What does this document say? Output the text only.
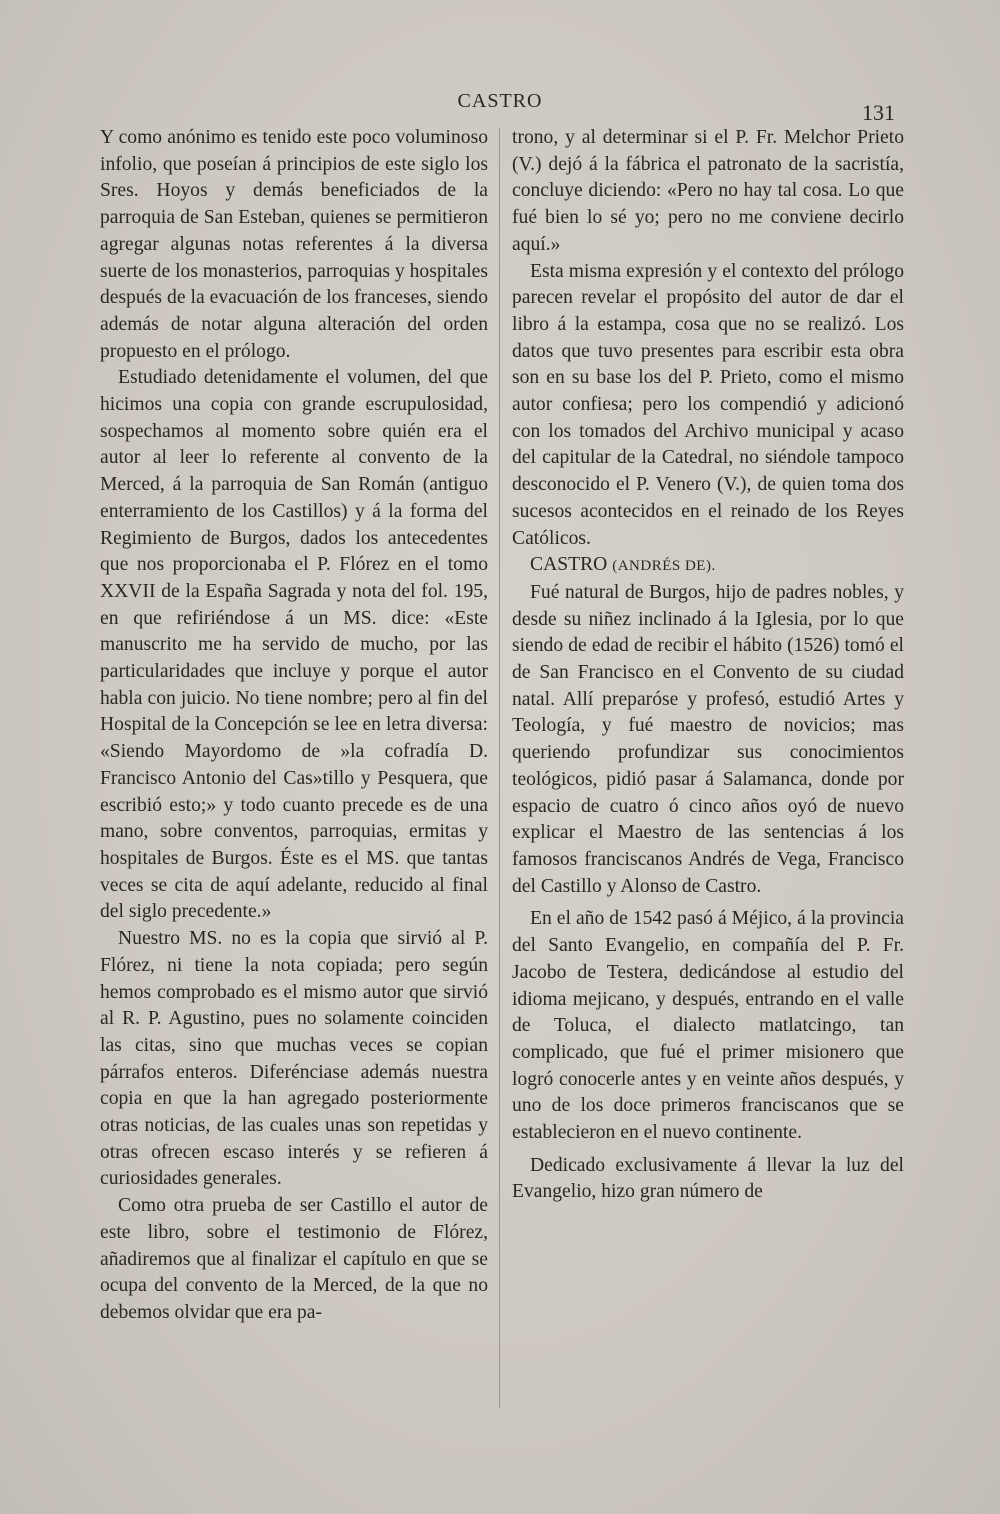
CASTRO	131

Y como anónimo es tenido este poco voluminoso infolio, que poseían á principios de este siglo los Sres. Hoyos y demás beneficiados de la parroquia de San Esteban, quienes se permitieron agregar algunas notas referentes á la diversa suerte de los monasterios, parroquias y hospitales después de la evacuación de los franceses, siendo además de notar alguna alteración del orden propuesto en el prólogo.

Estudiado detenidamente el volumen, del que hicimos una copia con grande escrupulosidad, sospechamos al momento sobre quién era el autor al leer lo referente al convento de la Merced, á la parroquia de San Román (antiguo enterramiento de los Castillos) y á la forma del Regimiento de Burgos, dados los antecedentes que nos proporcionaba el P. Flórez en el tomo XXVII de la España Sagrada y nota del fol. 195, en que refiriéndose á un MS. dice: «Este manuscrito me ha servido de mucho, por las particularidades que incluye y porque el autor habla con juicio. No tiene nombre; pero al fin del Hospital de la Concepción se lee en letra diversa: «Siendo Mayordomo de »la cofradía D. Francisco Antonio del Cas»tillo y Pesquera, que escribió esto;» y todo cuanto precede es de una mano, sobre conventos, parroquias, ermitas y hospitales de Burgos. Éste es el MS. que tantas veces se cita de aquí adelante, reducido al final del siglo precedente.»

Nuestro MS. no es la copia que sirvió al P. Flórez, ni tiene la nota copiada; pero según hemos comprobado es el mismo autor que sirvió al R. P. Agustino, pues no solamente coinciden las citas, sino que muchas veces se copian párrafos enteros. Diferénciase además nuestra copia en que la han agregado posteriormente otras noticias, de las cuales unas son repetidas y otras ofrecen escaso interés y se refieren á curiosidades generales.

Como otra prueba de ser Castillo el autor de este libro, sobre el testimonio de Flórez, añadiremos que al finalizar el capítulo en que se ocupa del convento de la Merced, de la que no debemos olvidar que era pa-

trono, y al determinar si el P. Fr. Melchor Prieto (V.) dejó á la fábrica el patronato de la sacristía, concluye diciendo: «Pero no hay tal cosa. Lo que fué bien lo sé yo; pero no me conviene decirlo aquí.»

Esta misma expresión y el contexto del prólogo parecen revelar el propósito del autor de dar el libro á la estampa, cosa que no se realizó. Los datos que tuvo presentes para escribir esta obra son en su base los del P. Prieto, como el mismo autor confiesa; pero los compendió y adicionó con los tomados del Archivo municipal y acaso del capitular de la Catedral, no siéndole tampoco desconocido el P. Venero (V.), de quien toma dos sucesos acontecidos en el reinado de los Reyes Católicos.

CASTRO (ANDRÉS DE).

Fué natural de Burgos, hijo de padres nobles, y desde su niñez inclinado á la Iglesia, por lo que siendo de edad de recibir el hábito (1526) tomó el de San Francisco en el Convento de su ciudad natal. Allí preparóse y profesó, estudió Artes y Teología, y fué maestro de novicios; mas queriendo profundizar sus conocimientos teológicos, pidió pasar á Salamanca, donde por espacio de cuatro ó cinco años oyó de nuevo explicar el Maestro de las sentencias á los famosos franciscanos Andrés de Vega, Francisco del Castillo y Alonso de Castro.

En el año de 1542 pasó á Méjico, á la provincia del Santo Evangelio, en compañía del P. Fr. Jacobo de Testera, dedicándose al estudio del idioma mejicano, y después, entrando en el valle de Toluca, el dialecto matlatcingo, tan complicado, que fué el primer misionero que logró conocerle antes y en veinte años después, y uno de los doce primeros franciscanos que se establecieron en el nuevo continente.

Dedicado exclusivamente á llevar la luz del Evangelio, hizo gran número de
